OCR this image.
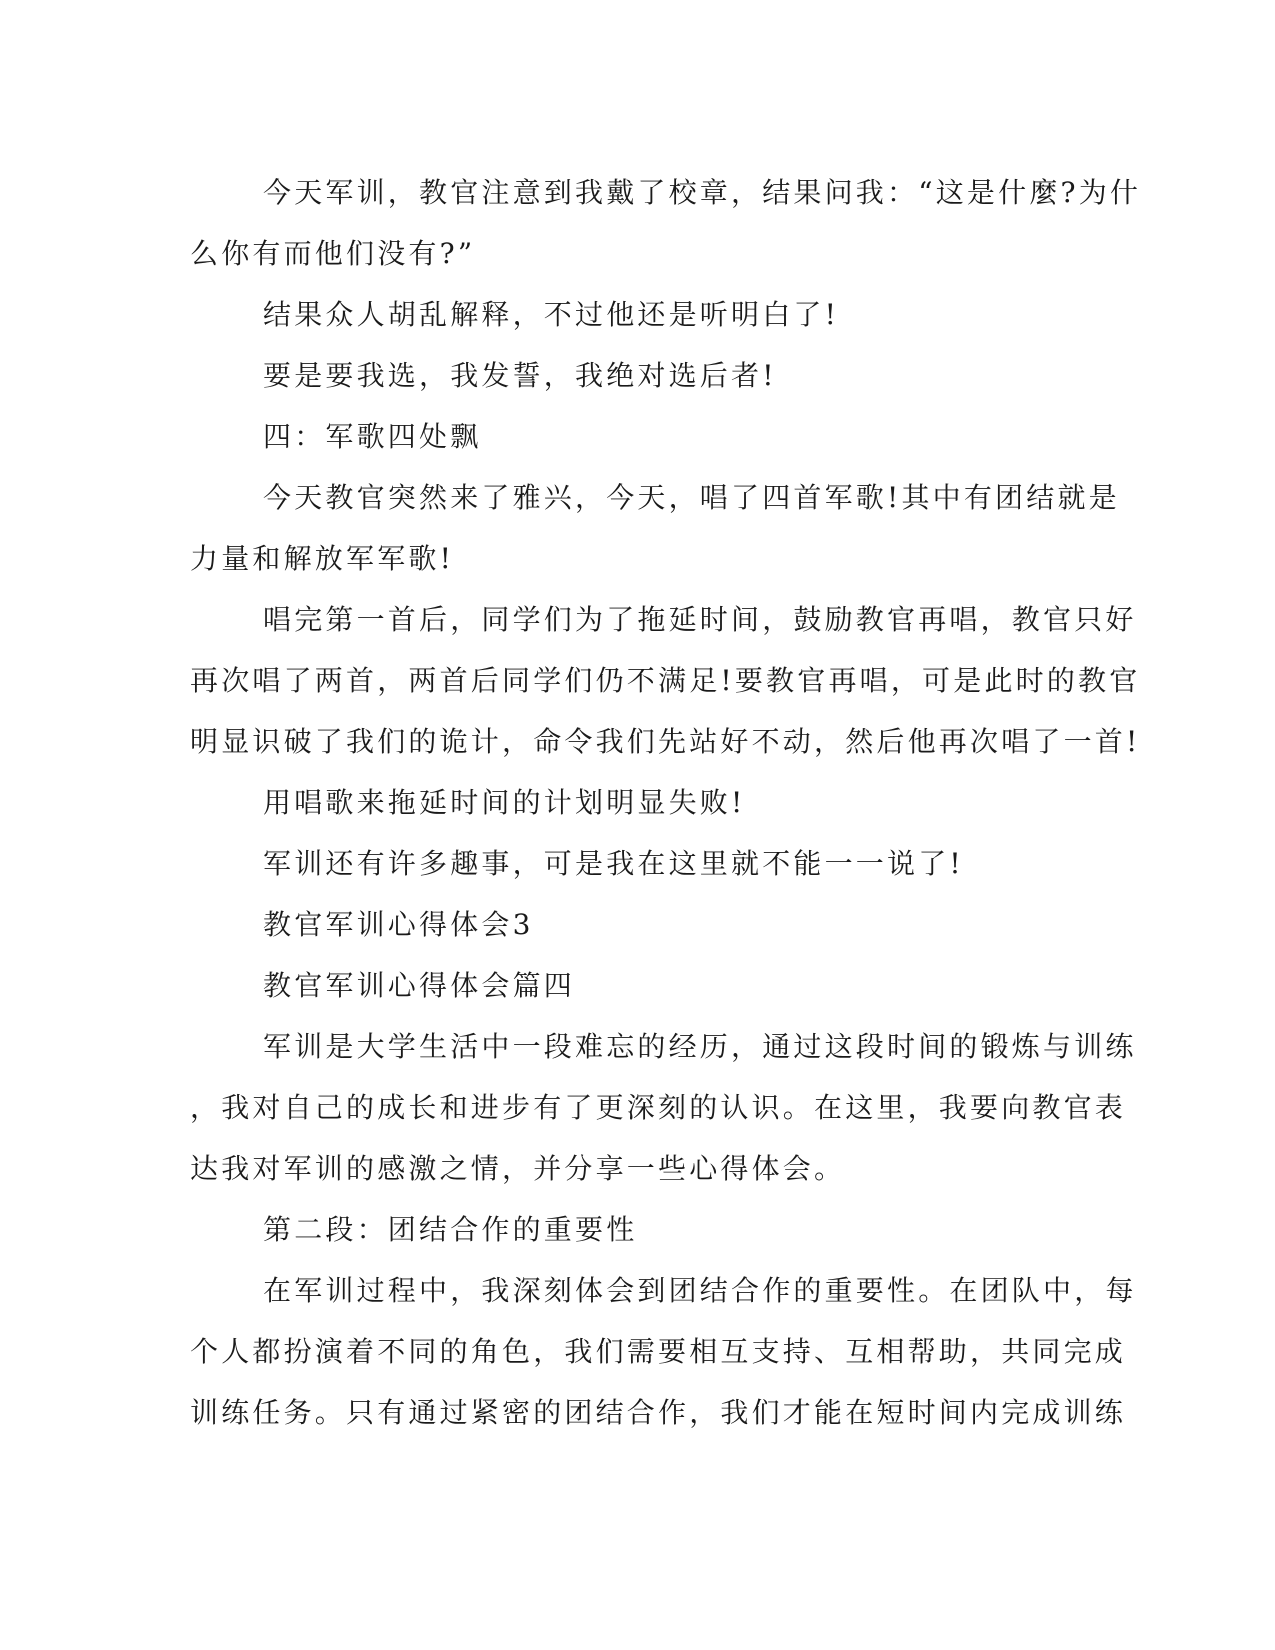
今天军训，教官注意到我戴了校章，结果问我：“这是什麼?为什
么你有而他们没有?”
结果众人胡乱解释，不过他还是听明白了!
要是要我选，我发誓，我绝对选后者!
四：军歌四处飘
今天教官突然来了雅兴，今天，唱了四首军歌!其中有团结就是
力量和解放军军歌!
唱完第一首后，同学们为了拖延时间，鼓励教官再唱，教官只好
再次唱了两首，两首后同学们仍不满足!要教官再唱，可是此时的教官
明显识破了我们的诡计，命令我们先站好不动，然后他再次唱了一首!
用唱歌来拖延时间的计划明显失败!
军训还有许多趣事，可是我在这里就不能一一说了!
教官军训心得体会3
教官军训心得体会篇四
军训是大学生活中一段难忘的经历，通过这段时间的锻炼与训练
，我对自己的成长和进步有了更深刻的认识。在这里，我要向教官表
达我对军训的感激之情，并分享一些心得体会。
第二段：团结合作的重要性
在军训过程中，我深刻体会到团结合作的重要性。在团队中，每
个人都扮演着不同的角色，我们需要相互支持、互相帮助，共同完成
训练任务。只有通过紧密的团结合作，我们才能在短时间内完成训练
